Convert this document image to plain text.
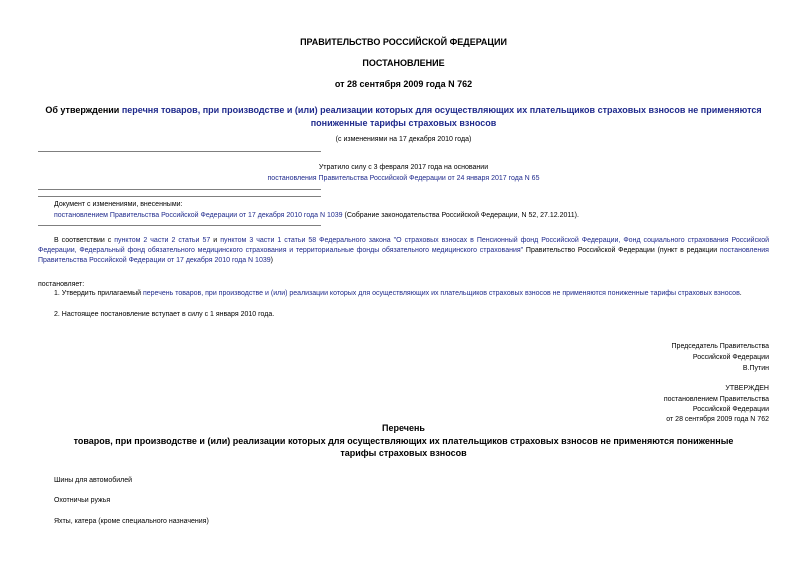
ПРАВИТЕЛЬСТВО РОССИЙСКОЙ ФЕДЕРАЦИИ
ПОСТАНОВЛЕНИЕ
от 28 сентября 2009 года N 762
Об утверждении перечня товаров, при производстве и (или) реализации которых для осуществляющих их плательщиков страховых взносов не применяются пониженные тарифы страховых взносов
(с изменениями на 17 декабря 2010 года)
Утратило силу с 3 февраля 2017 года на основании
постановления Правительства Российской Федерации от 24 января 2017 года N 65
Документ с изменениями, внесенными:
постановлением Правительства Российской Федерации от 17 декабря 2010 года N 1039 (Собрание законодательства Российской Федерации, N 52, 27.12.2011).
В соответствии с пунктом 2 части 2 статьи 57 и пунктом 3 части 1 статьи 58 Федерального закона "О страховых взносах в Пенсионный фонд Российской Федерации, Фонд социального страхования Российской Федерации, Федеральный фонд обязательного медицинского страхования и территориальные фонды обязательного медицинского страхования" Правительство Российской Федерации (пункт в редакции постановления Правительства Российской Федерации от 17 декабря 2010 года N 1039)
постановляет:
1. Утвердить прилагаемый перечень товаров, при производстве и (или) реализации которых для осуществляющих их плательщиков страховых взносов не применяются пониженные тарифы страховых взносов.
2. Настоящее постановление вступает в силу с 1 января 2010 года.
Председатель Правительства
Российской Федерации
В.Путин
УТВЕРЖДЕН
постановлением Правительства
Российской Федерации
от 28 сентября 2009 года N 762
Перечень
товаров, при производстве и (или) реализации которых для осуществляющих их плательщиков страховых взносов не применяются пониженные тарифы страховых взносов
Шины для автомобилей
Охотничьи ружья
Яхты, катера (кроме специального назначения)
